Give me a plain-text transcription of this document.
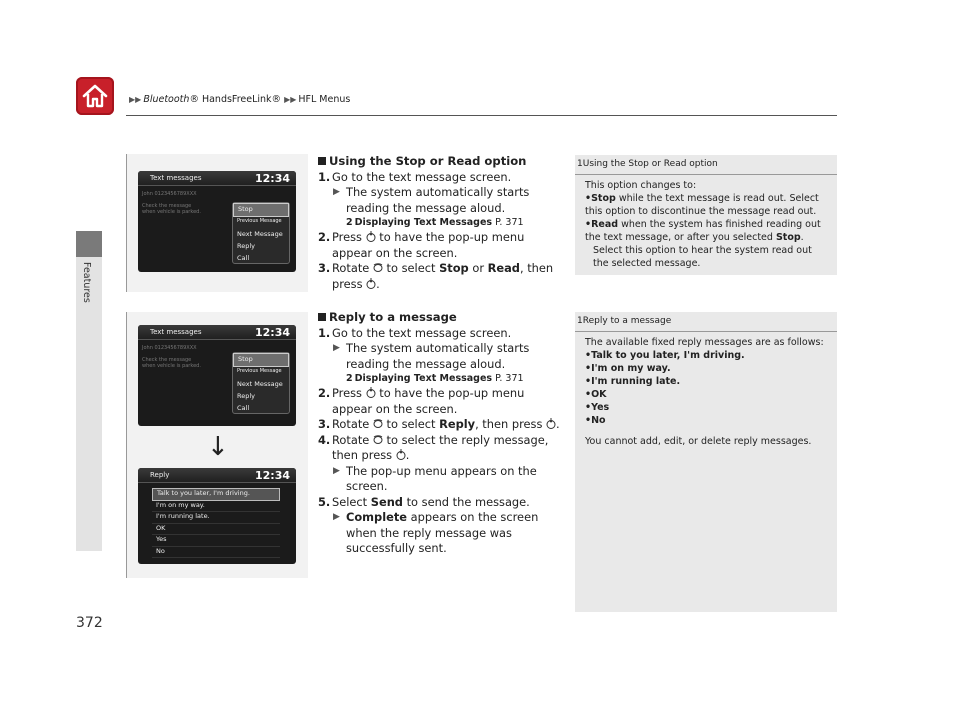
▶▶ Bluetooth® HandsFreeLink® ▶▶ HFL Menus
Features
Text messages	12:34
John 0123456789XXX

Check the message
when vehicle is parked.	Stop
Previous Message
Next Message
Reply
Call
Text messages	12:34
John 0123456789XXX

Check the message
when vehicle is parked.
Stop
Previous Message
Next Message
Reply
Call
↓
Reply	12:34
Talk to you later, I'm driving.
I'm on my way.
I'm running late.
OK
Yes
No
Using the Stop or Read option
1. Go to the text message screen.
▶ The system automatically starts reading the message aloud.
2 Displaying Text Messages P. 371
2. Press to have the pop-up menu appear on the screen.
3. Rotate to select Stop or Read, then press .
Reply to a message
1. Go to the text message screen.
▶ The system automatically starts reading the message aloud.
2 Displaying Text Messages P. 371
2. Press to have the pop-up menu appear on the screen.
3. Rotate to select Reply, then press .
4. Rotate to select the reply message, then press .
▶ The pop-up menu appears on the screen.
5. Select Send to send the message.
▶ Complete appears on the screen when the reply message was successfully sent.
1Using the Stop or Read option
This option changes to:
•Stop while the text message is read out. Select this option to discontinue the message read out.
•Read when the system has finished reading out the text message, or after you selected Stop.
Select this option to hear the system read out the selected message.
1Reply to a message
The available fixed reply messages are as follows:
•Talk to you later, I'm driving.
•I'm on my way.
•I'm running late.
•OK
•Yes
•No
You cannot add, edit, or delete reply messages.
372
